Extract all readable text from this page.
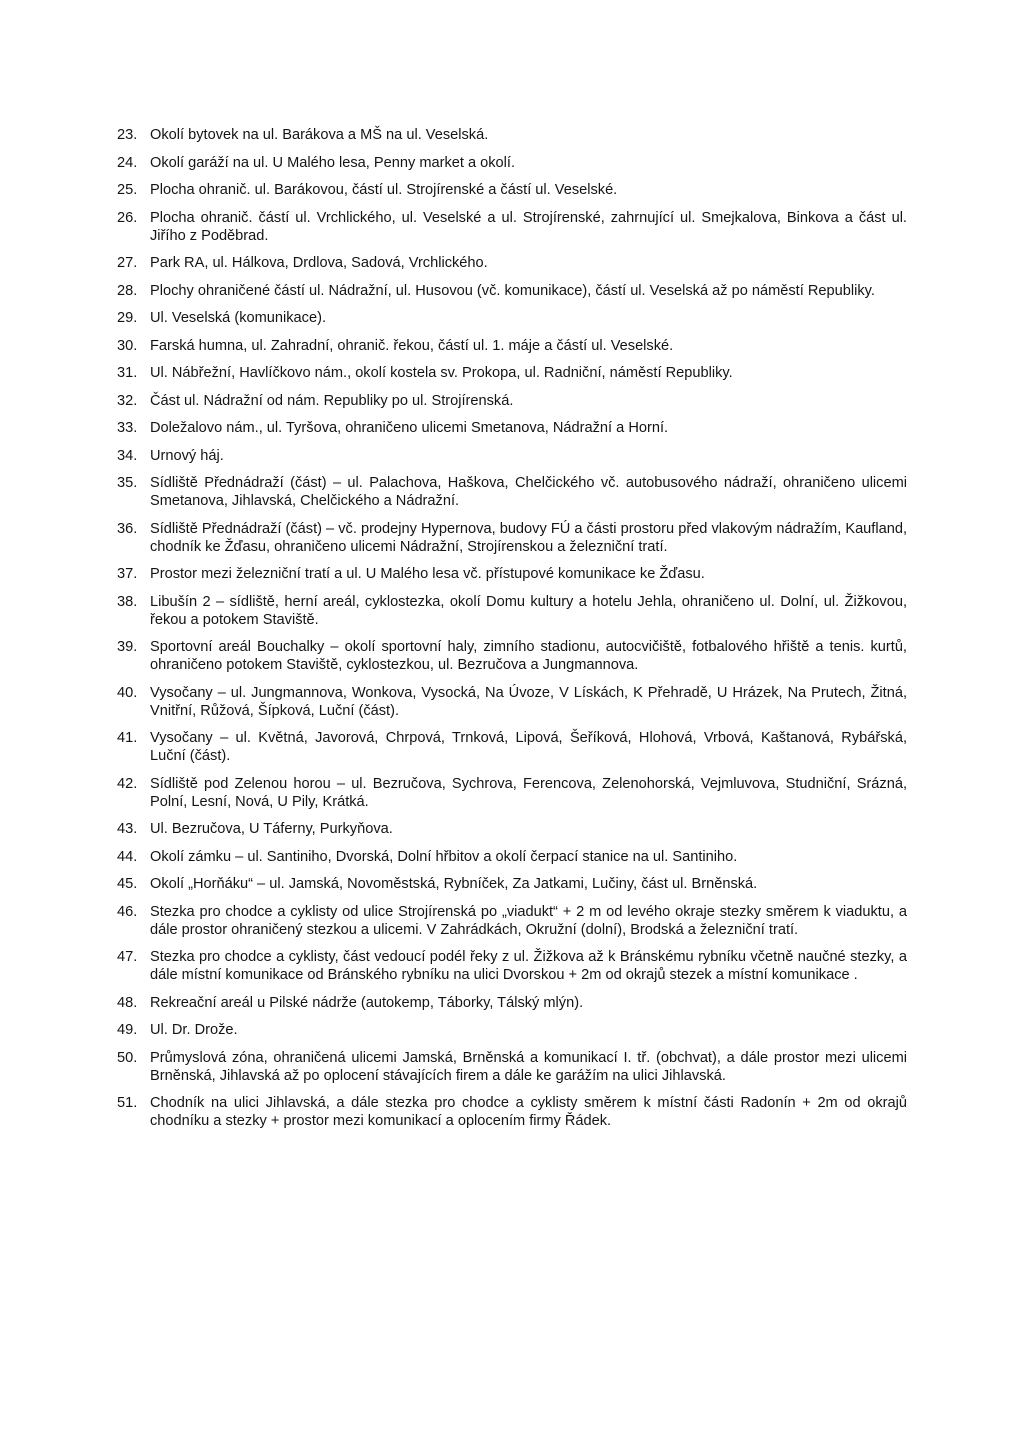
23. Okolí bytovek na ul. Barákova a MŠ na ul. Veselská.
24. Okolí garáží na ul. U Malého lesa, Penny market a okolí.
25. Plocha ohranič. ul. Barákovou, částí ul. Strojírenské a částí ul. Veselské.
26. Plocha ohranič. částí ul. Vrchlického, ul. Veselské a ul. Strojírenské, zahrnující ul. Smejkalova, Binkova a část ul. Jiřího z Poděbrad.
27. Park RA, ul. Hálkova, Drdlova, Sadová, Vrchlického.
28. Plochy ohraničené částí ul. Nádražní, ul. Husovou (vč. komunikace), částí ul. Veselská až po náměstí Republiky.
29. Ul. Veselská (komunikace).
30. Farská humna, ul. Zahradní, ohranič. řekou, částí ul. 1. máje a částí ul. Veselské.
31. Ul. Nábřežní, Havlíčkovo nám., okolí kostela sv. Prokopa, ul. Radniční, náměstí Republiky.
32. Část ul. Nádražní od nám. Republiky po ul. Strojírenská.
33. Doležalovo nám., ul. Tyršova, ohraničeno ulicemi Smetanova, Nádražní a Horní.
34. Urnový háj.
35. Sídliště Přednádraží (část) – ul. Palachova, Haškova, Chelčického vč. autobusového nádraží, ohraničeno ulicemi Smetanova, Jihlavská, Chelčického a Nádražní.
36. Sídliště Přednádraží (část) – vč. prodejny Hypernova, budovy FÚ a části prostoru před vlakovým nádražím, Kaufland, chodník ke Žďasu, ohraničeno ulicemi Nádražní, Strojírenskou a železniční tratí.
37. Prostor mezi železniční tratí a ul. U Malého lesa vč. přístupové komunikace ke Žďasu.
38. Libušín 2 – sídliště, herní areál, cyklostezka, okolí Domu kultury a hotelu Jehla, ohraničeno ul. Dolní, ul. Žižkovou, řekou a potokem Staviště.
39. Sportovní areál Bouchalky – okolí sportovní haly, zimního stadionu, autocvičiště, fotbalového hřiště a tenis. kurtů, ohraničeno potokem Staviště, cyklostezkou, ul. Bezručova a Jungmannova.
40. Vysočany – ul. Jungmannova, Wonkova, Vysocká, Na Úvoze, V Lískách, K Přehradě, U Hrázek, Na Prutech, Žitná, Vnitřní, Růžová, Šípková, Luční (část).
41. Vysočany – ul. Květná, Javorová, Chrpová, Trnková, Lipová, Šeříková, Hlohová, Vrbová, Kaštanová, Rybářská, Luční (část).
42. Sídliště pod Zelenou horou – ul. Bezručova, Sychrova, Ferencova, Zelenohorská, Vejmluvova, Studniční, Srázná, Polní, Lesní, Nová, U Pily, Krátká.
43. Ul. Bezručova, U Táferny, Purkyňova.
44. Okolí zámku – ul. Santiniho, Dvorská, Dolní hřbitov a okolí čerpací stanice na ul. Santiniho.
45. Okolí „Horňáku“ – ul. Jamská, Novoměstská, Rybníček, Za Jatkami, Lučiny, část ul. Brněnská.
46. Stezka pro chodce a cyklisty od ulice Strojírenská po „viadukt“ + 2 m od levého okraje stezky směrem k viaduktu, a dále prostor ohraničený stezkou a ulicemi. V Zahrádkách, Okružní (dolní), Brodská a železniční tratí.
47. Stezka pro chodce a cyklisty, část vedoucí podél řeky z ul. Žižkova až k Bránskému rybníku včetně naučné stezky, a dále místní komunikace od Bránského rybníku na ulici Dvorskou + 2m od okrajů stezek a místní komunikace .
48. Rekreační areál u Pilské nádrže (autokemp, Táborky, Tálský mlýn).
49. Ul. Dr. Drože.
50. Průmyslová zóna, ohraničená ulicemi Jamská, Brněnská a komunikací I. tř. (obchvat), a dále prostor mezi ulicemi Brněnská, Jihlavská až po oplocení stávajících firem a dále ke garážím na ulici Jihlavská.
51. Chodník na ulici Jihlavská, a dále stezka pro chodce a cyklisty směrem k místní části Radonín + 2m od okrajů chodníku a stezky + prostor mezi komunikací a oplocením firmy Řádek.
